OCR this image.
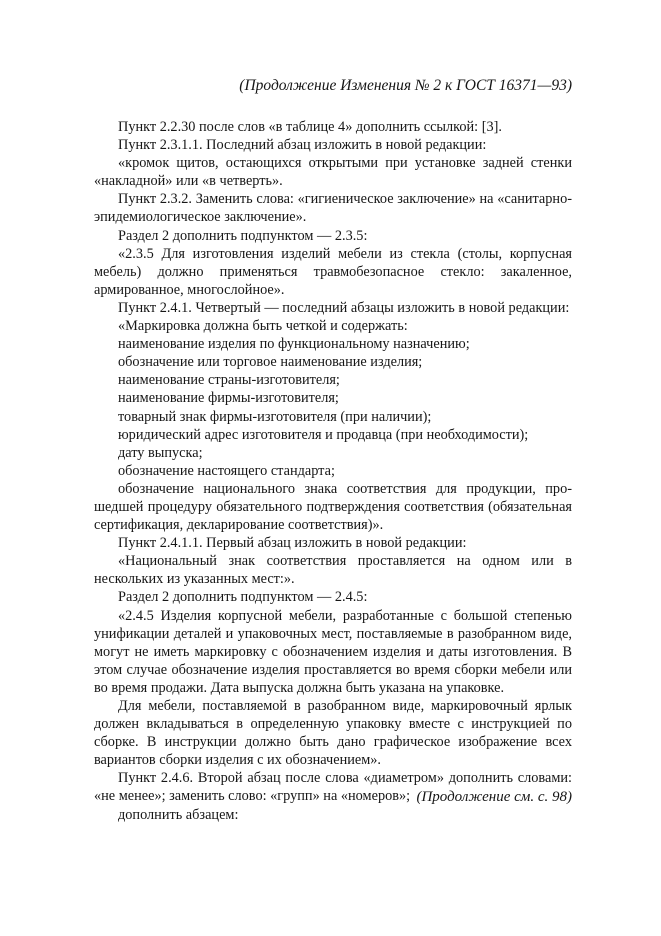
(Продолжение Изменения № 2 к ГОСТ 16371—93)

Пункт 2.2.30 после слов «в таблице 4» дополнить ссылкой: [3].

Пункт 2.3.1.1. Последний абзац изложить в новой редакции:

«кромок щитов, остающихся открытыми при установке задней стенки «накладной» или «в четверть».

Пункт 2.3.2. Заменить слова: «гигиеническое заключение» на «санитарно-эпидемиологическое заключение».

Раздел 2 дополнить подпунктом — 2.3.5:

«2.3.5 Для изготовления изделий мебели из стекла (столы, корпусная мебель) должно применяться травмобезопасное стекло: закаленное, армированное, многослойное».

Пункт 2.4.1. Четвертый — последний абзацы изложить в новой редакции:

«Маркировка должна быть четкой и содержать:

наименование изделия по функциональному назначению;

обозначение или торговое наименование изделия;

наименование страны-изготовителя;

наименование фирмы-изготовителя;

товарный знак фирмы-изготовителя (при наличии);

юридический адрес изготовителя и продавца (при необходимости);

дату выпуска;

обозначение настоящего стандарта;

обозначение национального знака соответствия для продукции, прошедшей процедуру обязательного подтверждения соответствия (обязательная сертификация, декларирование соответствия)».

Пункт 2.4.1.1. Первый абзац изложить в новой редакции:

«Национальный знак соответствия проставляется на одном или в нескольких из указанных мест:».

Раздел 2 дополнить подпунктом — 2.4.5:

«2.4.5 Изделия корпусной мебели, разработанные с большой степенью унификации деталей и упаковочных мест, поставляемые в разобранном виде, могут не иметь маркировку с обозначением изделия и даты изготовления. В этом случае обозначение изделия проставляется во время сборки мебели или во время продажи. Дата выпуска должна быть указана на упаковке.

Для мебели, поставляемой в разобранном виде, маркировочный ярлык должен вкладываться в определенную упаковку вместе с инструкцией по сборке. В инструкции должно быть дано графическое изображение всех вариантов сборки изделия с их обозначением».

Пункт 2.4.6. Второй абзац после слова «диаметром» дополнить словами: «не менее»; заменить слово: «групп» на «номеров»;

дополнить абзацем:

(Продолжение см. с. 98)
